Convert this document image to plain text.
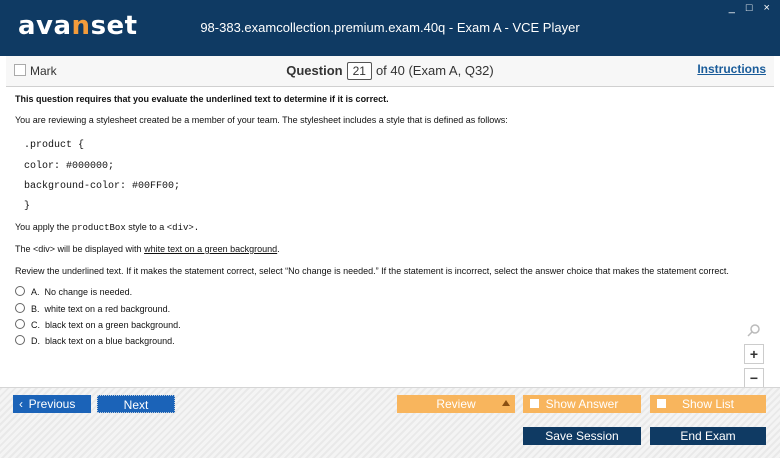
avanset	98-383.examcollection.premium.exam.40q - Exam A - VCE Player
_ □ ×
Mark	Question 21 of 40 (Exam A, Q32)	Instructions

This question requires that you evaluate the underlined text to determine if it is correct.

You are reviewing a stylesheet created be a member of your team. The stylesheet includes a style that is defined as follows:

.product {
color: #000000;
background-color: #00FF00;
}

You apply the productBox style to a <div>.

The <div> will be displayed with white text on a green background.

Review the underlined text. If it makes the statement correct, select “No change is needed.” If the statement is incorrect, select the answer choice that makes the statement correct.

A. No change is needed.
B. white text on a red background.
C. black text on a green background.
D. black text on a blue background.
+
−
‹ Previous	Next	Review	Show Answer	Show List
Save Session	End Exam
